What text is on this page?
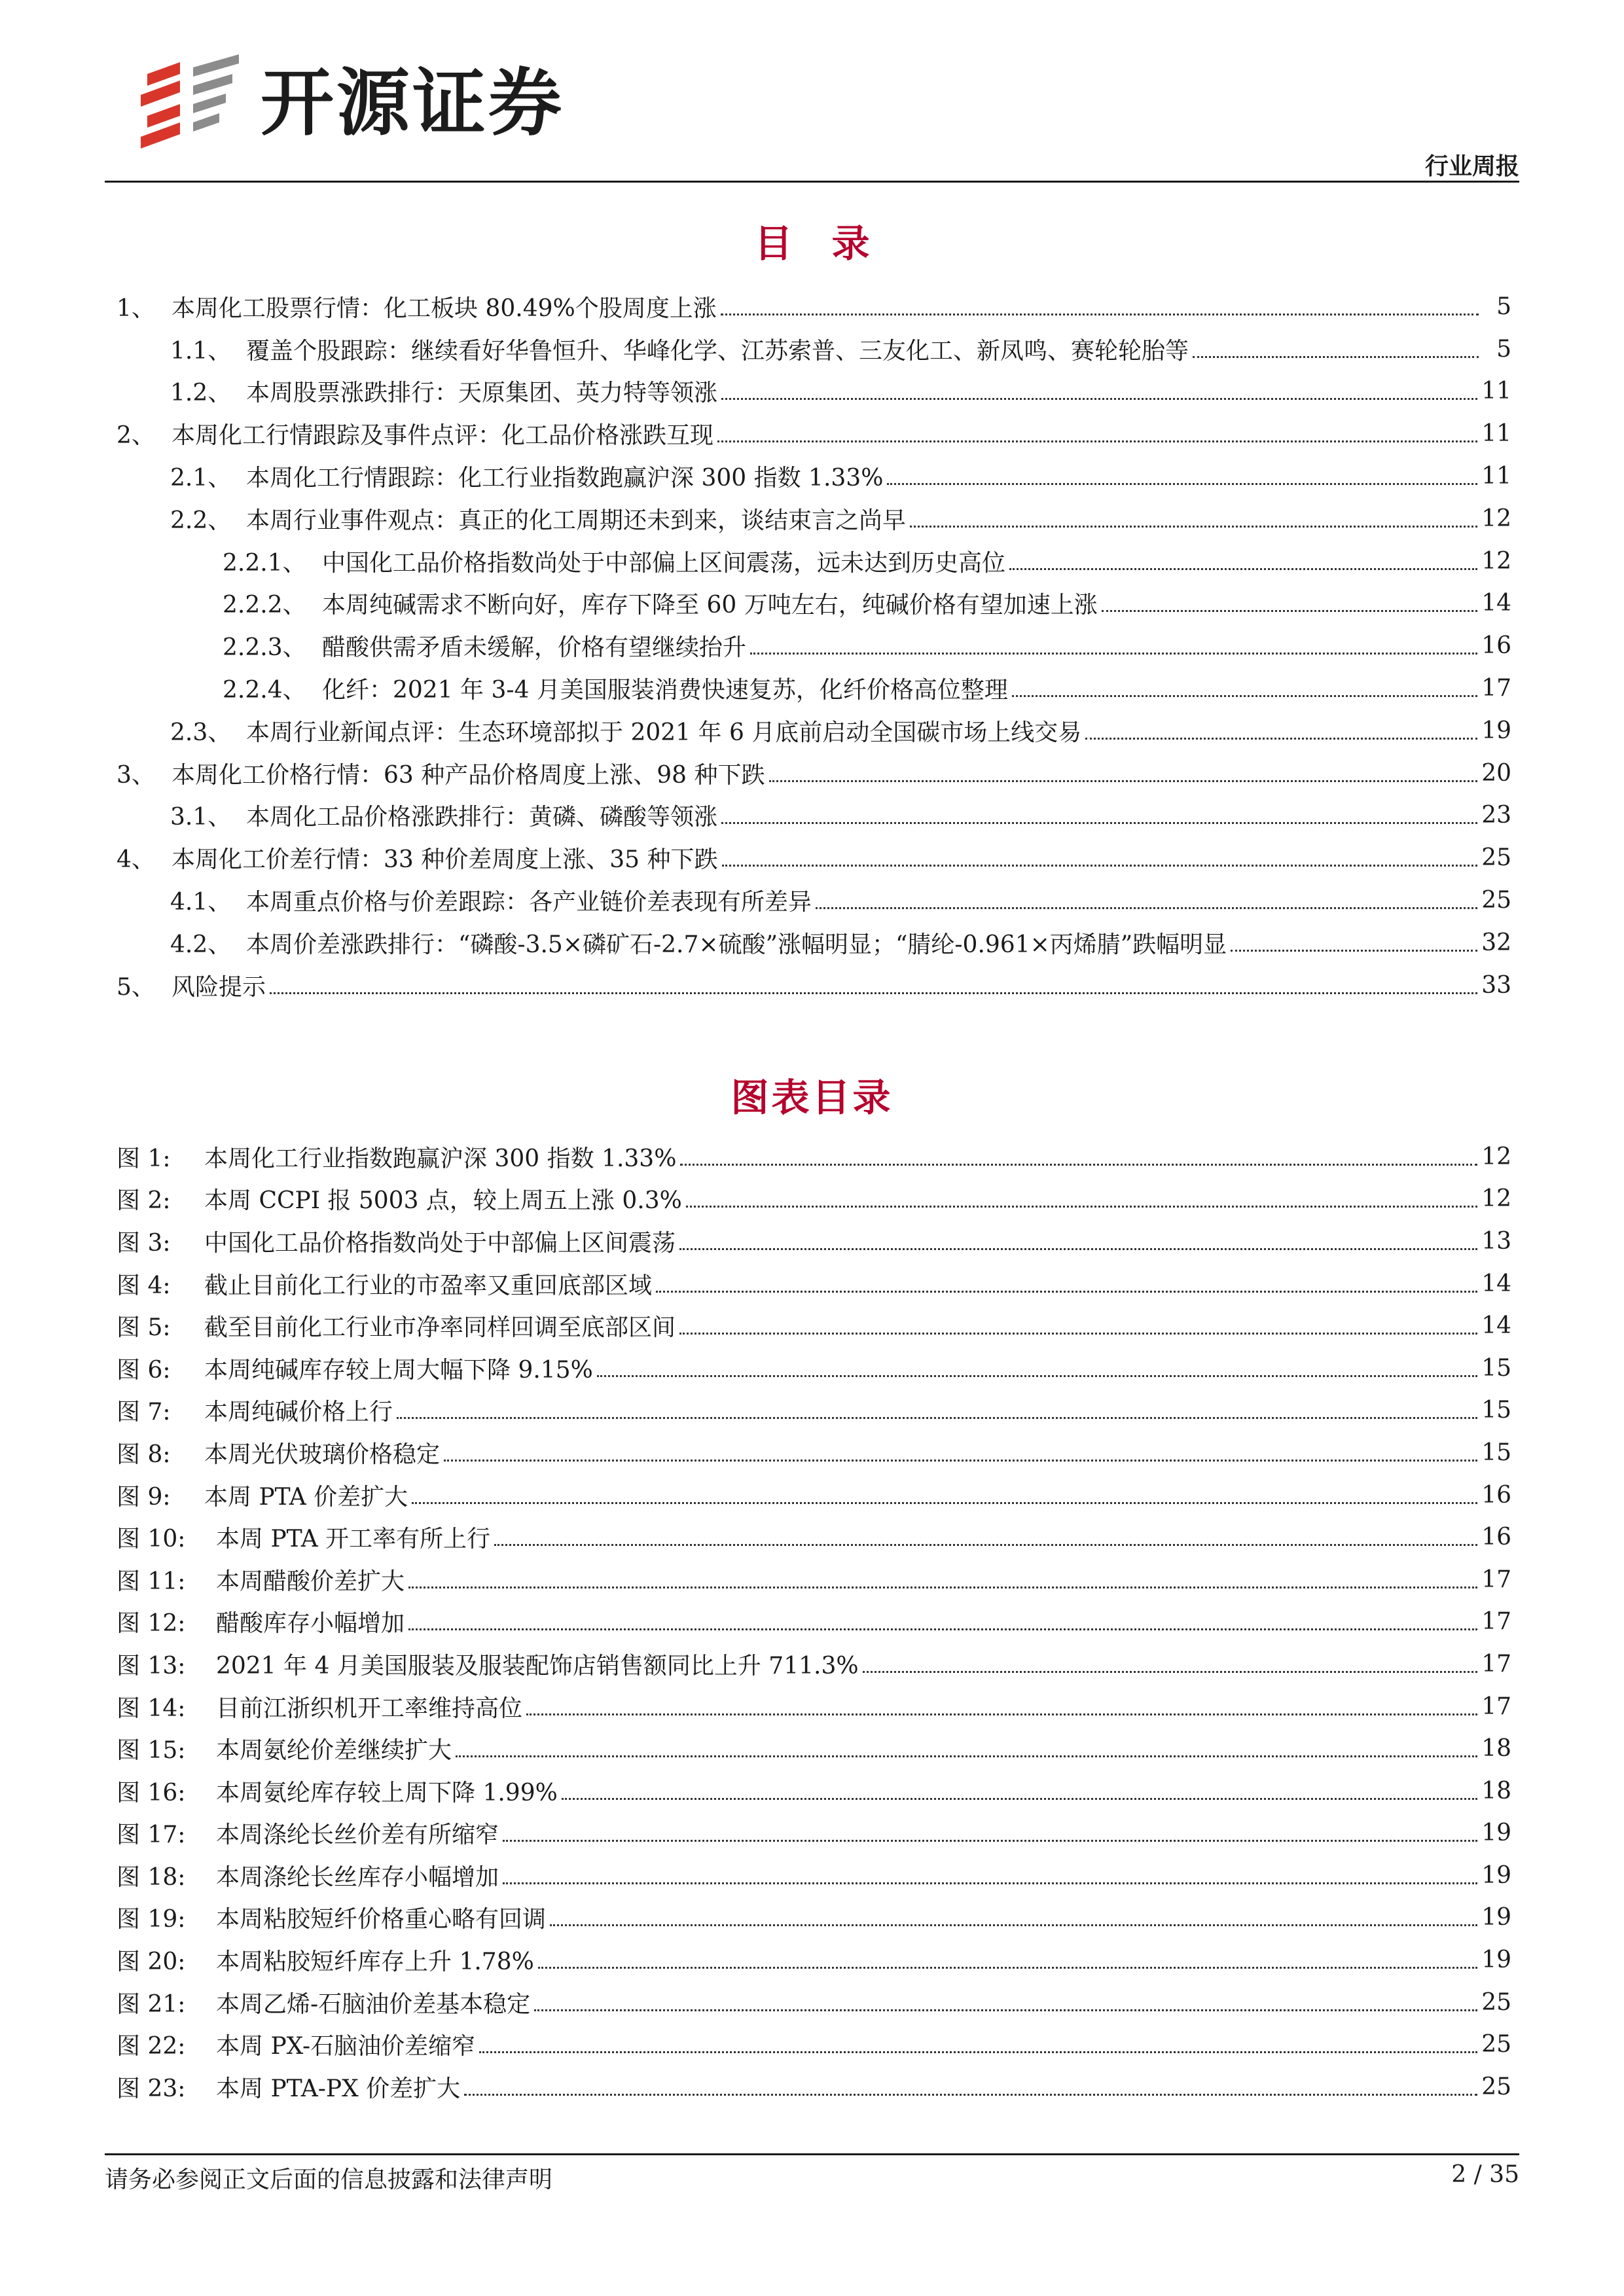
开源证券
行业周报
目录
1、 本周化工股票行情：化工板块 80.49%个股周度上涨	5
1.1、 覆盖个股跟踪：继续看好华鲁恒升、华峰化学、江苏索普、三友化工、新凤鸣、赛轮轮胎等	5
1.2、 本周股票涨跌排行：天原集团、英力特等领涨	11
2、 本周化工行情跟踪及事件点评：化工品价格涨跌互现	11
2.1、 本周化工行情跟踪：化工行业指数跑赢沪深 300 指数 1.33%	11
2.2、 本周行业事件观点：真正的化工周期还未到来，谈结束言之尚早	12
2.2.1、 中国化工品价格指数尚处于中部偏上区间震荡，远未达到历史高位	12
2.2.2、 本周纯碱需求不断向好，库存下降至 60 万吨左右，纯碱价格有望加速上涨	14
2.2.3、 醋酸供需矛盾未缓解，价格有望继续抬升	16
2.2.4、 化纤：2021 年 3-4 月美国服装消费快速复苏，化纤价格高位整理	17
2.3、 本周行业新闻点评：生态环境部拟于 2021 年 6 月底前启动全国碳市场上线交易	19
3、 本周化工价格行情：63 种产品价格周度上涨、98 种下跌	20
3.1、 本周化工品价格涨跌排行：黄磷、磷酸等领涨	23
4、 本周化工价差行情：33 种价差周度上涨、35 种下跌	25
4.1、 本周重点价格与价差跟踪：各产业链价差表现有所差异	25
4.2、 本周价差涨跌排行：“磷酸-3.5×磷矿石-2.7×硫酸”涨幅明显；“腈纶-0.961×丙烯腈”跌幅明显	32
5、 风险提示	33
图表目录
图 1:	本周化工行业指数跑赢沪深 300 指数 1.33%	12
图 2:	本周 CCPI 报 5003 点，较上周五上涨 0.3%	12
图 3:	中国化工品价格指数尚处于中部偏上区间震荡	13
图 4:	截止目前化工行业的市盈率又重回底部区域	14
图 5:	截至目前化工行业市净率同样回调至底部区间	14
图 6:	本周纯碱库存较上周大幅下降 9.15%	15
图 7:	本周纯碱价格上行	15
图 8:	本周光伏玻璃价格稳定	15
图 9:	本周 PTA 价差扩大	16
图 10:	本周 PTA 开工率有所上行	16
图 11:	本周醋酸价差扩大	17
图 12:	醋酸库存小幅增加	17
图 13:	2021 年 4 月美国服装及服装配饰店销售额同比上升 711.3%	17
图 14:	目前江浙织机开工率维持高位	17
图 15:	本周氨纶价差继续扩大	18
图 16:	本周氨纶库存较上周下降 1.99%	18
图 17:	本周涤纶长丝价差有所缩窄	19
图 18:	本周涤纶长丝库存小幅增加	19
图 19:	本周粘胶短纤价格重心略有回调	19
图 20:	本周粘胶短纤库存上升 1.78%	19
图 21:	本周乙烯-石脑油价差基本稳定	25
图 22:	本周 PX-石脑油价差缩窄	25
图 23:	本周 PTA-PX 价差扩大	25
请务必参阅正文后面的信息披露和法律声明	2 / 35
